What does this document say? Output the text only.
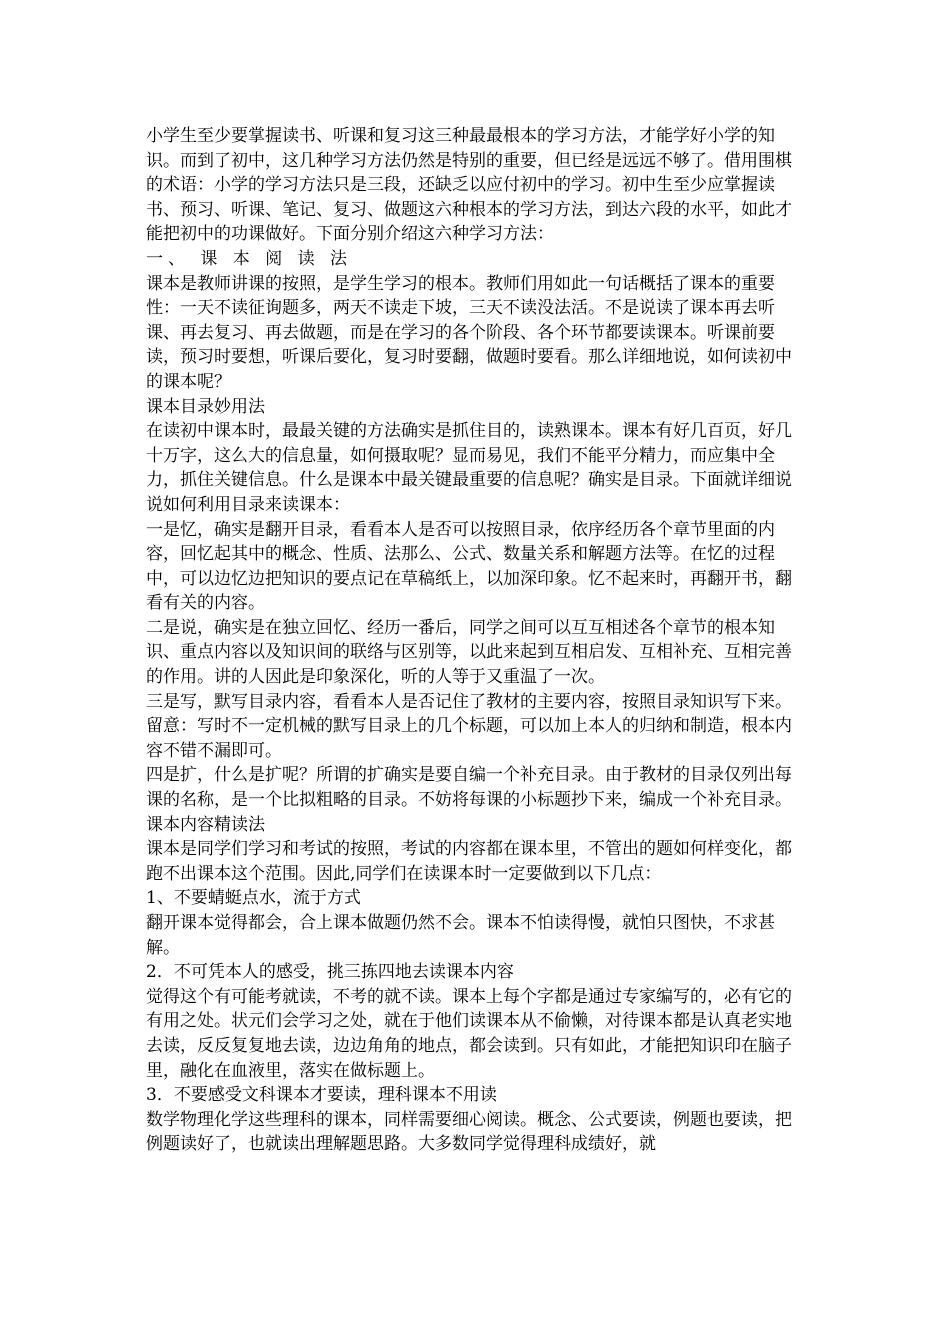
小学生至少要掌握读书、听课和复习这三种最最根本的学习方法，才能学好小学的知识。而到了初中，这几种学习方法仍然是特别的重要，但已经是远远不够了。借用围棋的术语：小学的学习方法只是三段，还缺乏以应付初中的学习。初中生至少应掌握读书、预习、听课、笔记、复习、做题这六种根本的学习方法，到达六段的水平，如此才能把初中的功课做好。下面分别介绍这六种学习方法：

一、 课 本 阅 读 法

课本是教师讲课的按照，是学生学习的根本。教师们用如此一句话概括了课本的重要性：一天不读征询题多，两天不读走下坡，三天不读没法活。不是说读了课本再去听课、再去复习、再去做题，而是在学习的各个阶段、各个环节都要读课本。听课前要读，预习时要想，听课后要化，复习时要翻，做题时要看。那么详细地说，如何读初中的课本呢？

课本目录妙用法

在读初中课本时，最最关键的方法确实是抓住目的，读熟课本。课本有好几百页，好几十万字，这么大的信息量，如何摄取呢？显而易见，我们不能平分精力，而应集中全力，抓住关键信息。什么是课本中最关键最重要的信息呢？确实是目录。下面就详细说说如何利用目录来读课本：

一是忆，确实是翻开目录，看看本人是否可以按照目录，依序经历各个章节里面的内容，回忆起其中的概念、性质、法那么、公式、数量关系和解题方法等。在忆的过程中，可以边忆边把知识的要点记在草稿纸上，以加深印象。忆不起来时，再翻开书，翻看有关的内容。

二是说，确实是在独立回忆、经历一番后，同学之间可以互互相述各个章节的根本知识、重点内容以及知识间的联络与区别等，以此来起到互相启发、互相补充、互相完善的作用。讲的人因此是印象深化，听的人等于又重温了一次。

三是写，默写目录内容，看看本人是否记住了教材的主要内容，按照目录知识写下来。留意：写时不一定机械的默写目录上的几个标题，可以加上本人的归纳和制造，根本内容不错不漏即可。

四是扩，什么是扩呢？所谓的扩确实是要自编一个补充目录。由于教材的目录仅列出每课的名称，是一个比拟粗略的目录。不妨将每课的小标题抄下来，编成一个补充目录。

课本内容精读法

课本是同学们学习和考试的按照，考试的内容都在课本里，不管出的题如何样变化，都跑不出课本这个范围。因此,同学们在读课本时一定要做到以下几点：

1、不要蜻蜓点水，流于方式

翻开课本觉得都会，合上课本做题仍然不会。课本不怕读得慢，就怕只图快，不求甚解。

2．不可凭本人的感受，挑三拣四地去读课本内容

觉得这个有可能考就读，不考的就不读。课本上每个字都是通过专家编写的，必有它的有用之处。状元们会学习之处，就在于他们读课本从不偷懒，对待课本都是认真老实地去读，反反复复地去读，边边角角的地点，都会读到。只有如此，才能把知识印在脑子里，融化在血液里，落实在做标题上。

3．不要感受文科课本才要读，理科课本不用读

数学物理化学这些理科的课本，同样需要细心阅读。概念、公式要读，例题也要读，把例题读好了，也就读出理解题思路。大多数同学觉得理科成绩好，就
